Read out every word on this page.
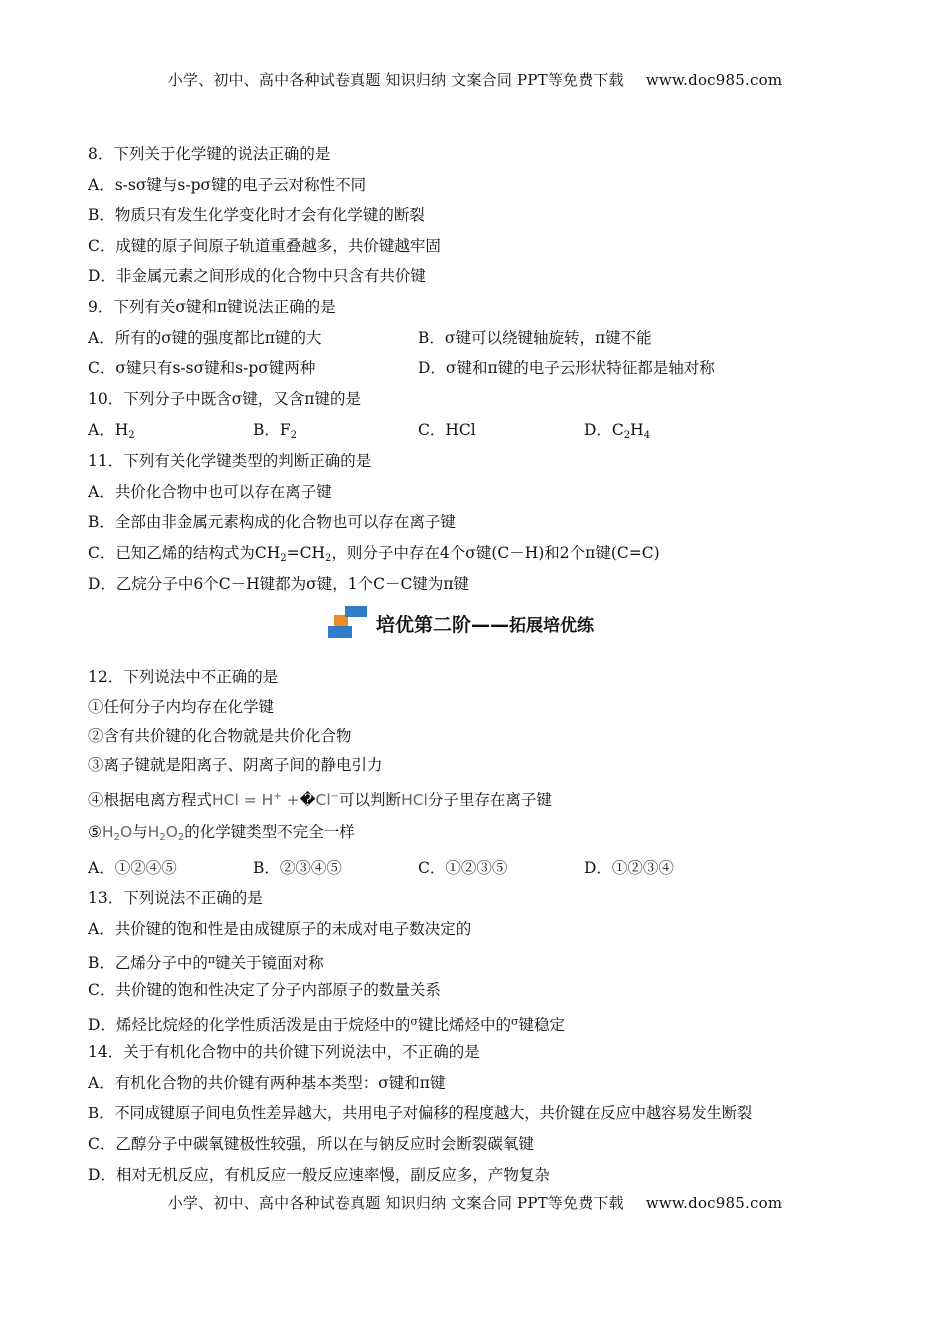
小学、初中、高中各种试卷真题 知识归纳 文案合同 PPT等免费下载 www.doc985.com
8．下列关于化学键的说法正确的是
A．s-sσ键与s-pσ键的电子云对称性不同
B．物质只有发生化学变化时才会有化学键的断裂
C．成键的原子间原子轨道重叠越多，共价键越牢固
D．非金属元素之间形成的化合物中只含有共价键
9．下列有关σ键和π键说法正确的是
A．所有的σ键的强度都比π键的大	B．σ键可以绕键轴旋转，π键不能
C．σ键只有s-sσ键和s-pσ键两种	D．σ键和π键的电子云形状特征都是轴对称
10．下列分子中既含σ键，又含π键的是
A．$H_2$	B．$F_2$	C．HCl	D．$C_2H_4$
11．下列有关化学键类型的判断正确的是
A．共价化合物中也可以存在离子键
B．全部由非金属元素构成的化合物也可以存在离子键
C．已知乙烯的结构式为$CH_2=CH_2$，则分子中存在4个σ键(C－H)和2个π键(C=C)
D．乙烷分子中6个C－H键都为σ键，1个C－C键为π键
培优第二阶——拓展培优练
12．下列说法中不正确的是
①任何分子内均存在化学键
②含有共价键的化合物就是共价化合物
③离子键就是阳离子、阴离子间的静电引力
④根据电离方程式HCl = H+ +�Cl−可以判断HCl分子里存在离子键
$⑤H_2O$与$H_2O_2$的化学键类型不完全一样
A．①②④⑤	B．②③④⑤	C．①②③⑤	D．①②③④
13．下列说法不正确的是
A．共价键的饱和性是由成键原子的未成对电子数决定的
B．乙烯分子中的$^\pi$键关于镜面对称
C．共价键的饱和性决定了分子内部原子的数量关系
D．烯烃比烷烃的化学性质活泼是由于烷烃中的$^\sigma$键比烯烃中的$^\sigma$键稳定
14．关于有机化合物中的共价键下列说法中，不正确的是
A．有机化合物的共价键有两种基本类型：σ键和π键
B．不同成键原子间电负性差异越大，共用电子对偏移的程度越大，共价键在反应中越容易发生断裂
C．乙醇分子中碳氧键极性较强，所以在与钠反应时会断裂碳氧键
D．相对无机反应，有机反应一般反应速率慢，副反应多，产物复杂
小学、初中、高中各种试卷真题 知识归纳 文案合同 PPT等免费下载 www.doc985.com
